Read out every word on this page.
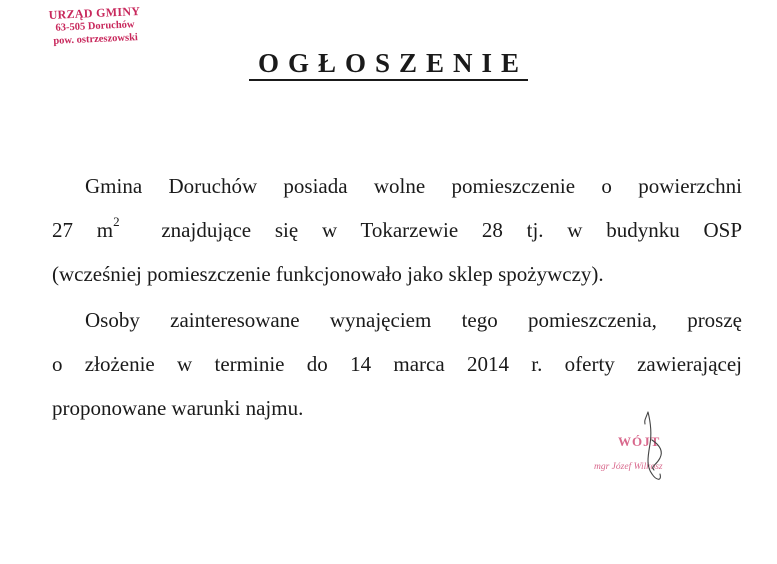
URZĄD GMINY
63-505 Doruchów
pow. ostrzeszowski
OGŁOSZENIE
Gmina Doruchów posiada wolne pomieszczenie o powierzchni
27 $m^2$ znajdujące się w Tokarzewie 28 tj. w budynku OSP
(wcześniej pomieszczenie funkcjonowało jako sklep spożywczy).
Osoby zainteresowane wynajęciem tego pomieszczenia, proszę
o złożenie w terminie do 14 marca 2014 r. oferty zawierającej
proponowane warunki najmu.
WÓJT
mgr Józef Wilkosz
